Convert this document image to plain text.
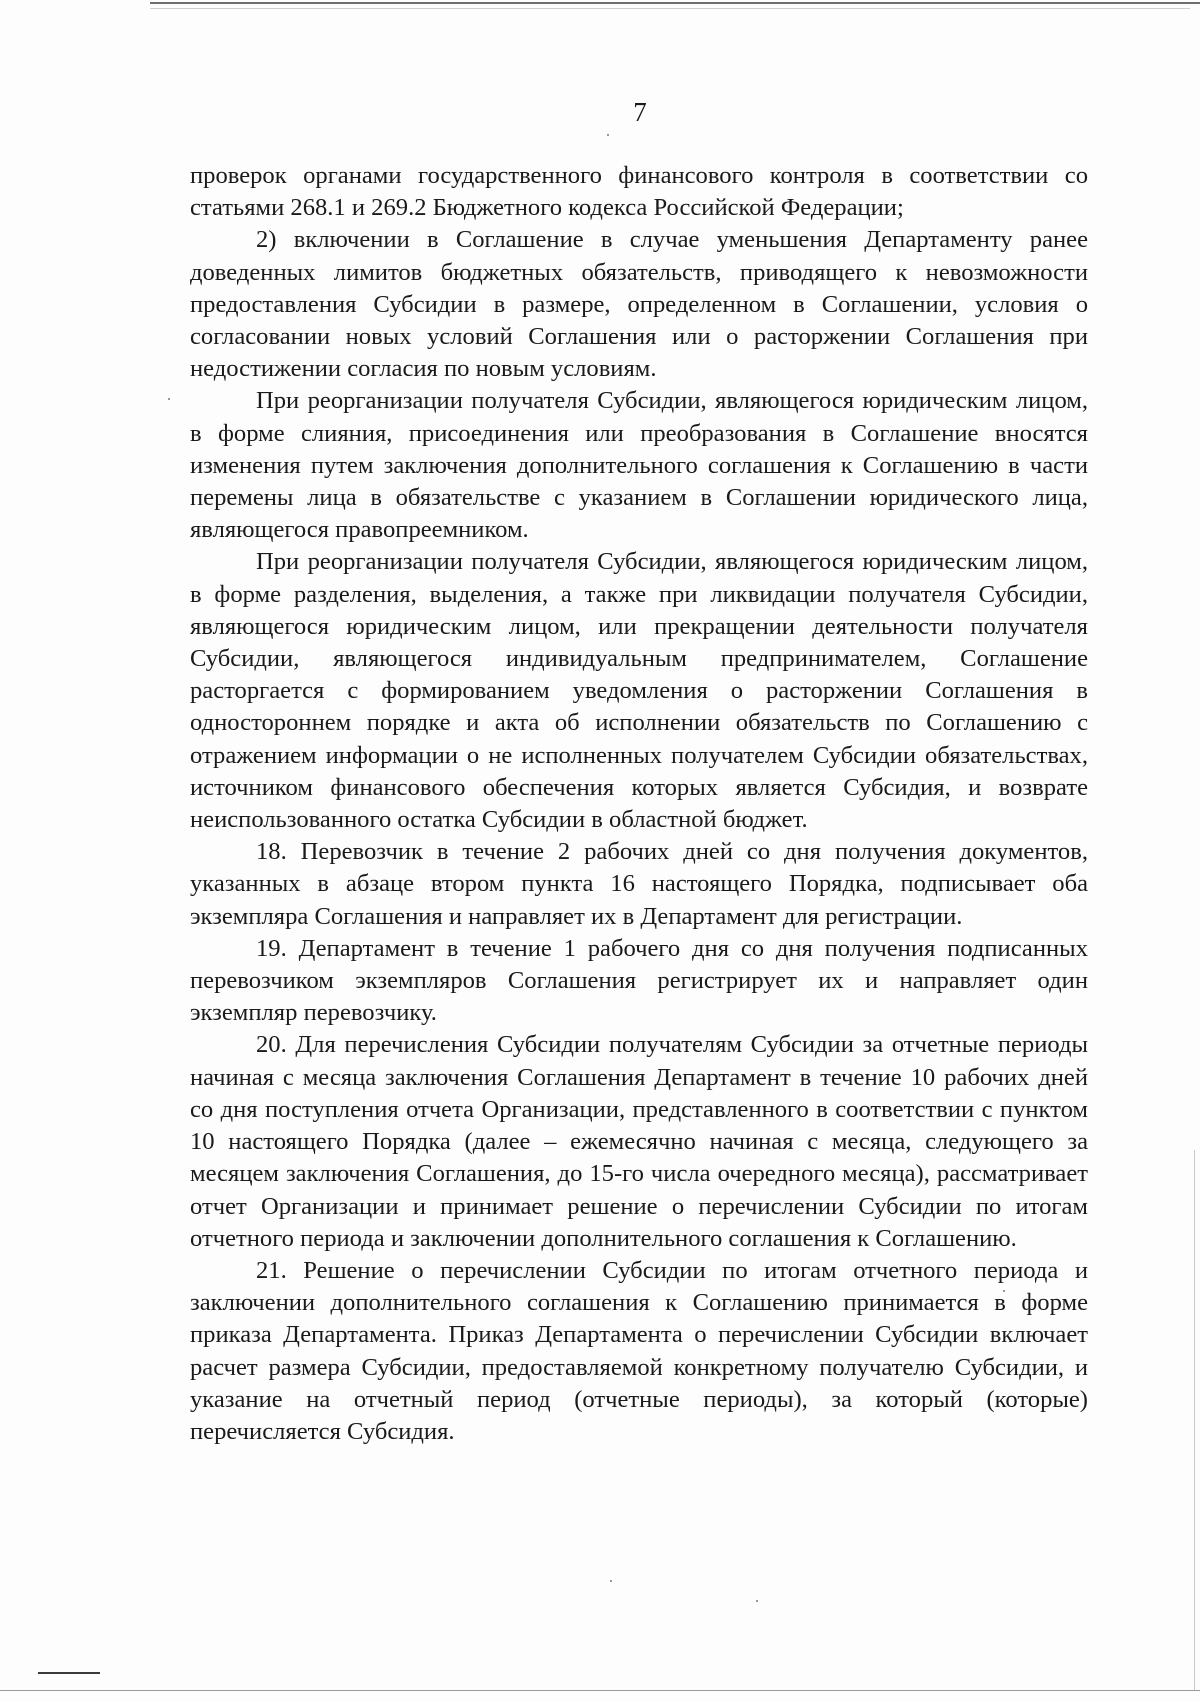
7

проверок органами государственного финансового контроля в соответствии со статьями 268.1 и 269.2 Бюджетного кодекса Российской Федерации;

2) включении в Соглашение в случае уменьшения Департаменту ранее доведенных лимитов бюджетных обязательств, приводящего к невозможности предоставления Субсидии в размере, определенном в Соглашении, условия о согласовании новых условий Соглашения или о расторжении Соглашения при недостижении согласия по новым условиям.

При реорганизации получателя Субсидии, являющегося юридическим лицом, в форме слияния, присоединения или преобразования в Соглашение вносятся изменения путем заключения дополнительного соглашения к Соглашению в части перемены лица в обязательстве с указанием в Соглашении юридического лица, являющегося правопреемником.

При реорганизации получателя Субсидии, являющегося юридическим лицом, в форме разделения, выделения, а также при ликвидации получателя Субсидии, являющегося юридическим лицом, или прекращении деятельности получателя Субсидии, являющегося индивидуальным предпринимателем, Соглашение расторгается с формированием уведомления о расторжении Соглашения в одностороннем порядке и акта об исполнении обязательств по Соглашению с отражением информации о не исполненных получателем Субсидии обязательствах, источником финансового обеспечения которых является Субсидия, и возврате неиспользованного остатка Субсидии в областной бюджет.

18. Перевозчик в течение 2 рабочих дней со дня получения документов, указанных в абзаце втором пункта 16 настоящего Порядка, подписывает оба экземпляра Соглашения и направляет их в Департамент для регистрации.

19. Департамент в течение 1 рабочего дня со дня получения подписанных перевозчиком экземпляров Соглашения регистрирует их и направляет один экземпляр перевозчику.

20. Для перечисления Субсидии получателям Субсидии за отчетные периоды начиная с месяца заключения Соглашения Департамент в течение 10 рабочих дней со дня поступления отчета Организации, представленного в соответствии с пунктом 10 настоящего Порядка (далее – ежемесячно начиная с месяца, следующего за месяцем заключения Соглашения, до 15-го числа очередного месяца), рассматривает отчет Организации и принимает решение о перечислении Субсидии по итогам отчетного периода и заключении дополнительного соглашения к Соглашению.

21. Решение о перечислении Субсидии по итогам отчетного периода и заключении дополнительного соглашения к Соглашению принимается в форме приказа Департамента. Приказ Департамента о перечислении Субсидии включает расчет размера Субсидии, предоставляемой конкретному получателю Субсидии, и указание на отчетный период (отчетные периоды), за который (которые) перечисляется Субсидия.
